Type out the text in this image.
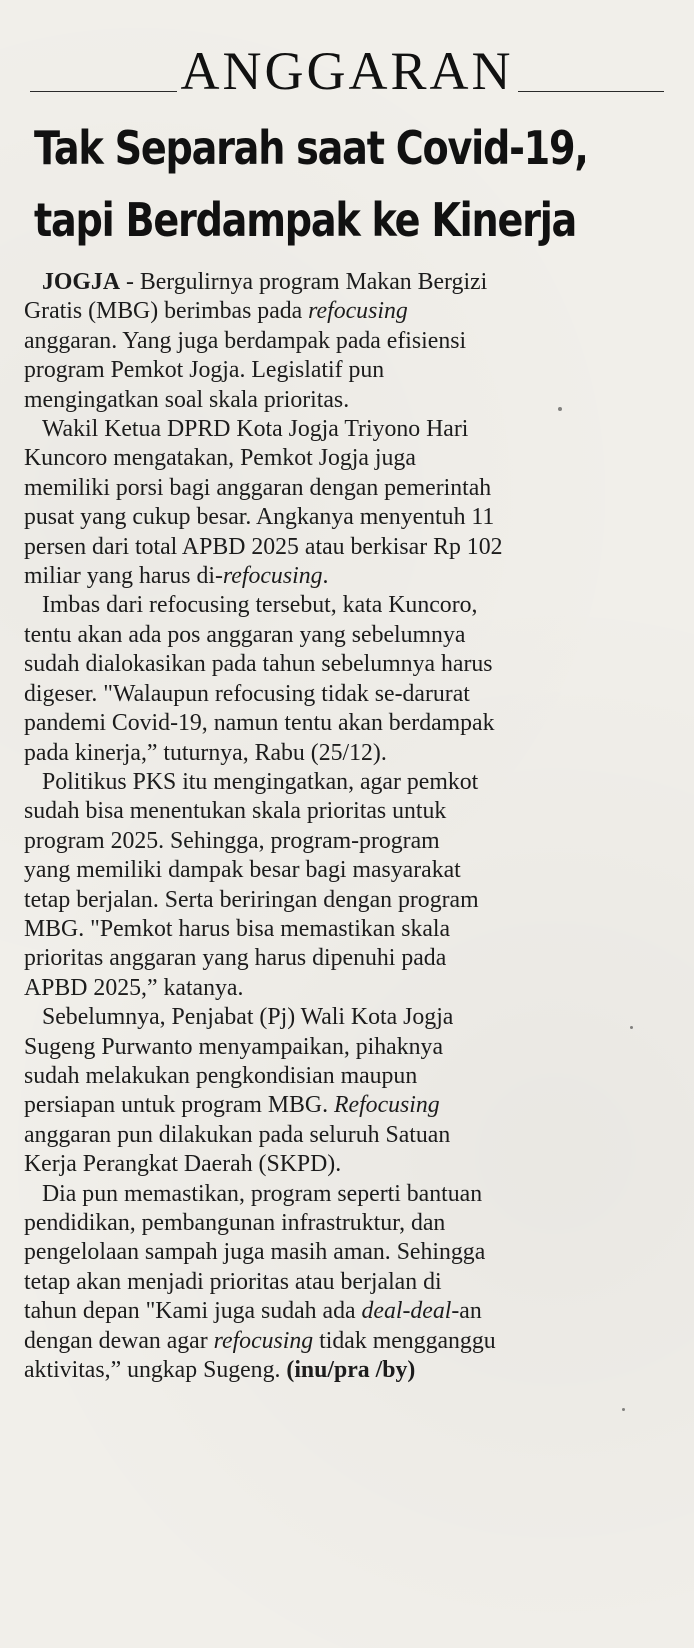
ANGGARAN
Tak Separah saat Covid-19,
tapi Berdampak ke Kinerja
JOGJA - Bergulirnya program Makan Bergizi
Gratis (MBG) berimbas pada refocusing
anggaran. Yang juga berdampak pada efisiensi
program Pemkot Jogja. Legislatif pun
mengingatkan soal skala prioritas.
Wakil Ketua DPRD Kota Jogja Triyono Hari
Kuncoro mengatakan, Pemkot Jogja juga
memiliki porsi bagi anggaran dengan pemerintah
pusat yang cukup besar. Angkanya menyentuh 11
persen dari total APBD 2025 atau berkisar Rp 102
miliar yang harus di-refocusing.
Imbas dari refocusing tersebut, kata Kuncoro,
tentu akan ada pos anggaran yang sebelumnya
sudah dialokasikan pada tahun sebelumnya harus
digeser. "Walaupun refocusing tidak se-darurat
pandemi Covid-19, namun tentu akan berdampak
pada kinerja,” tuturnya, Rabu (25/12).
Politikus PKS itu mengingatkan, agar pemkot
sudah bisa menentukan skala prioritas untuk
program 2025. Sehingga, program-program
yang memiliki dampak besar bagi masyarakat
tetap berjalan. Serta beriringan dengan program
MBG. "Pemkot harus bisa memastikan skala
prioritas anggaran yang harus dipenuhi pada
APBD 2025,” katanya.
Sebelumnya, Penjabat (Pj) Wali Kota Jogja
Sugeng Purwanto menyampaikan, pihaknya
sudah melakukan pengkondisian maupun
persiapan untuk program MBG. Refocusing
anggaran pun dilakukan pada seluruh Satuan
Kerja Perangkat Daerah (SKPD).
Dia pun memastikan, program seperti bantuan
pendidikan, pembangunan infrastruktur, dan
pengelolaan sampah juga masih aman. Sehingga
tetap akan menjadi prioritas atau berjalan di
tahun depan "Kami juga sudah ada deal-deal-an
dengan dewan agar refocusing tidak mengganggu
aktivitas,” ungkap Sugeng. (inu/pra /by)
